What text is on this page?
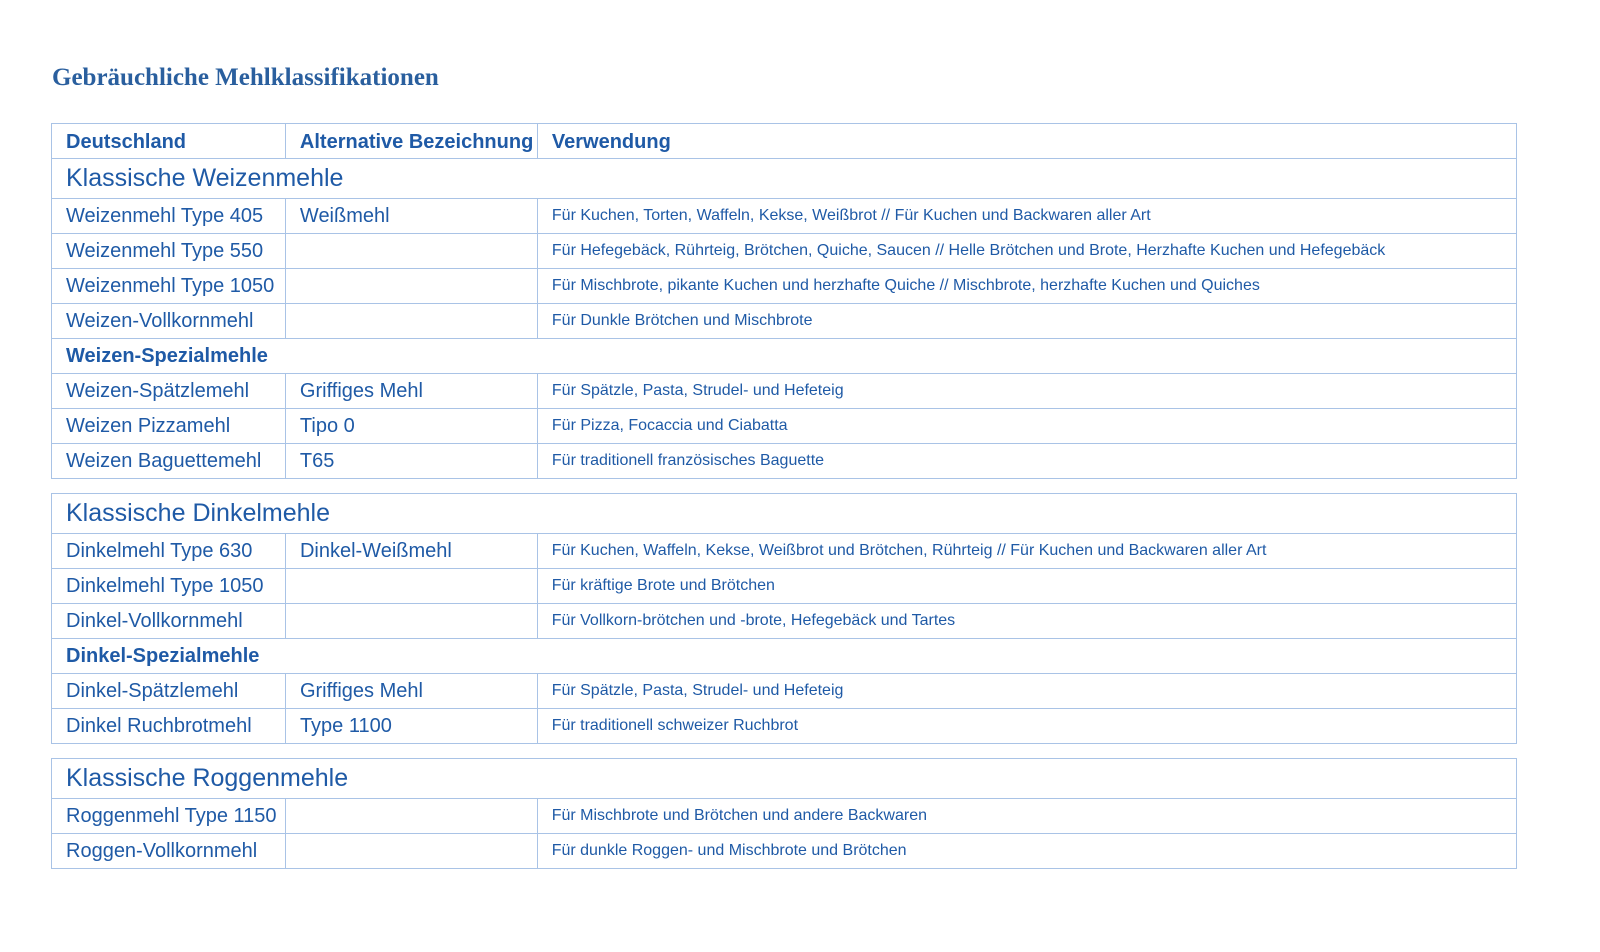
Gebräuchliche Mehlklassifikationen
Deutschland	Alternative Bezeichnung	Verwendung
Klassische Weizenmehle		
Weizenmehl Type 405	Weißmehl	Für Kuchen, Torten, Waffeln, Kekse, Weißbrot // Für Kuchen und Backwaren aller Art
Weizenmehl Type 550		Für Hefegebäck, Rührteig, Brötchen, Quiche, Saucen // Helle Brötchen und Brote, Herzhafte Kuchen und Hefegebäck
Weizenmehl Type 1050		Für Mischbrote, pikante Kuchen und herzhafte Quiche // Mischbrote, herzhafte Kuchen und Quiches
Weizen-Vollkornmehl		Für Dunkle Brötchen und Mischbrote
Weizen-Spezialmehle		
Weizen-Spätzlemehl	Griffiges Mehl	Für Spätzle, Pasta, Strudel- und Hefeteig
Weizen Pizzamehl	Tipo 0	Für Pizza, Focaccia und Ciabatta
Weizen Baguettemehl	T65	Für traditionell französisches Baguette
Klassische Dinkelmehle		
Dinkelmehl Type 630	Dinkel-Weißmehl	Für Kuchen, Waffeln, Kekse, Weißbrot und Brötchen, Rührteig // Für Kuchen und Backwaren aller Art
Dinkelmehl Type 1050		Für kräftige Brote und Brötchen
Dinkel-Vollkornmehl		Für Vollkorn-brötchen und -brote, Hefegebäck und Tartes
Dinkel-Spezialmehle		
Dinkel-Spätzlemehl	Griffiges Mehl	Für Spätzle, Pasta, Strudel- und Hefeteig
Dinkel Ruchbrotmehl	Type 1100	Für traditionell schweizer Ruchbrot
Klassische Roggenmehle		
Roggenmehl Type 1150		Für Mischbrote und Brötchen und andere Backwaren
Roggen-Vollkornmehl		Für dunkle Roggen- und Mischbrote und Brötchen
